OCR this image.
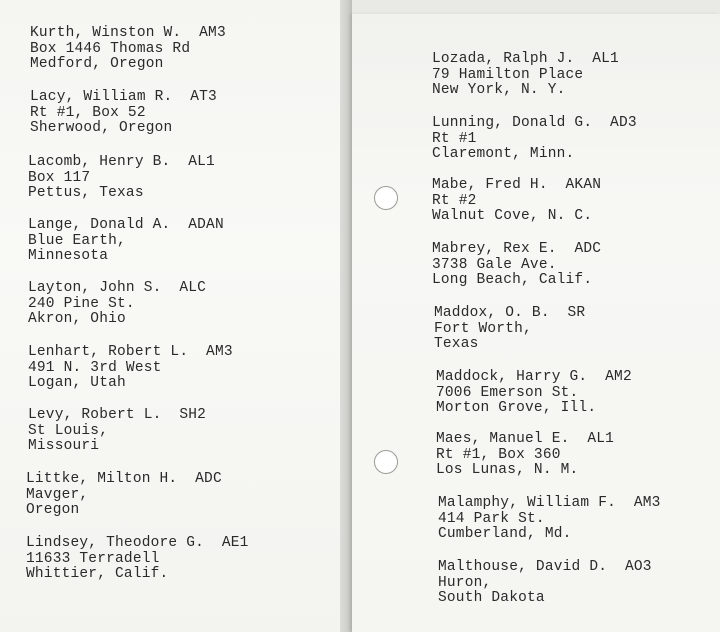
Kurth, Winston W. AM3
Box 1446 Thomas Rd
Medford, Oregon
Lacy, William R. AT3
Rt #1, Box 52
Sherwood, Oregon
Lacomb, Henry B. AL1
Box 117
Pettus, Texas
Lange, Donald A. ADAN
Blue Earth,
Minnesota
Layton, John S. ALC
240 Pine St.
Akron, Ohio
Lenhart, Robert L. AM3
491 N. 3rd West
Logan, Utah
Levy, Robert L. SH2
St Louis,
Missouri
Littke, Milton H. ADC
Mavger,
Oregon
Lindsey, Theodore G. AE1
11633 Terradell
Whittier, Calif.
Lozada, Ralph J. AL1
79 Hamilton Place
New York, N. Y.
Lunning, Donald G. AD3
Rt #1
Claremont, Minn.
Mabe, Fred H. AKAN
Rt #2
Walnut Cove, N. C.
Mabrey, Rex E. ADC
3738 Gale Ave.
Long Beach, Calif.
Maddox, O. B. SR
Fort Worth,
Texas
Maddock, Harry G. AM2
7006 Emerson St.
Morton Grove, Ill.
Maes, Manuel E. AL1
Rt #1, Box 360
Los Lunas, N. M.
Malamphy, William F. AM3
414 Park St.
Cumberland, Md.
Malthouse, David D. AO3
Huron,
South Dakota
